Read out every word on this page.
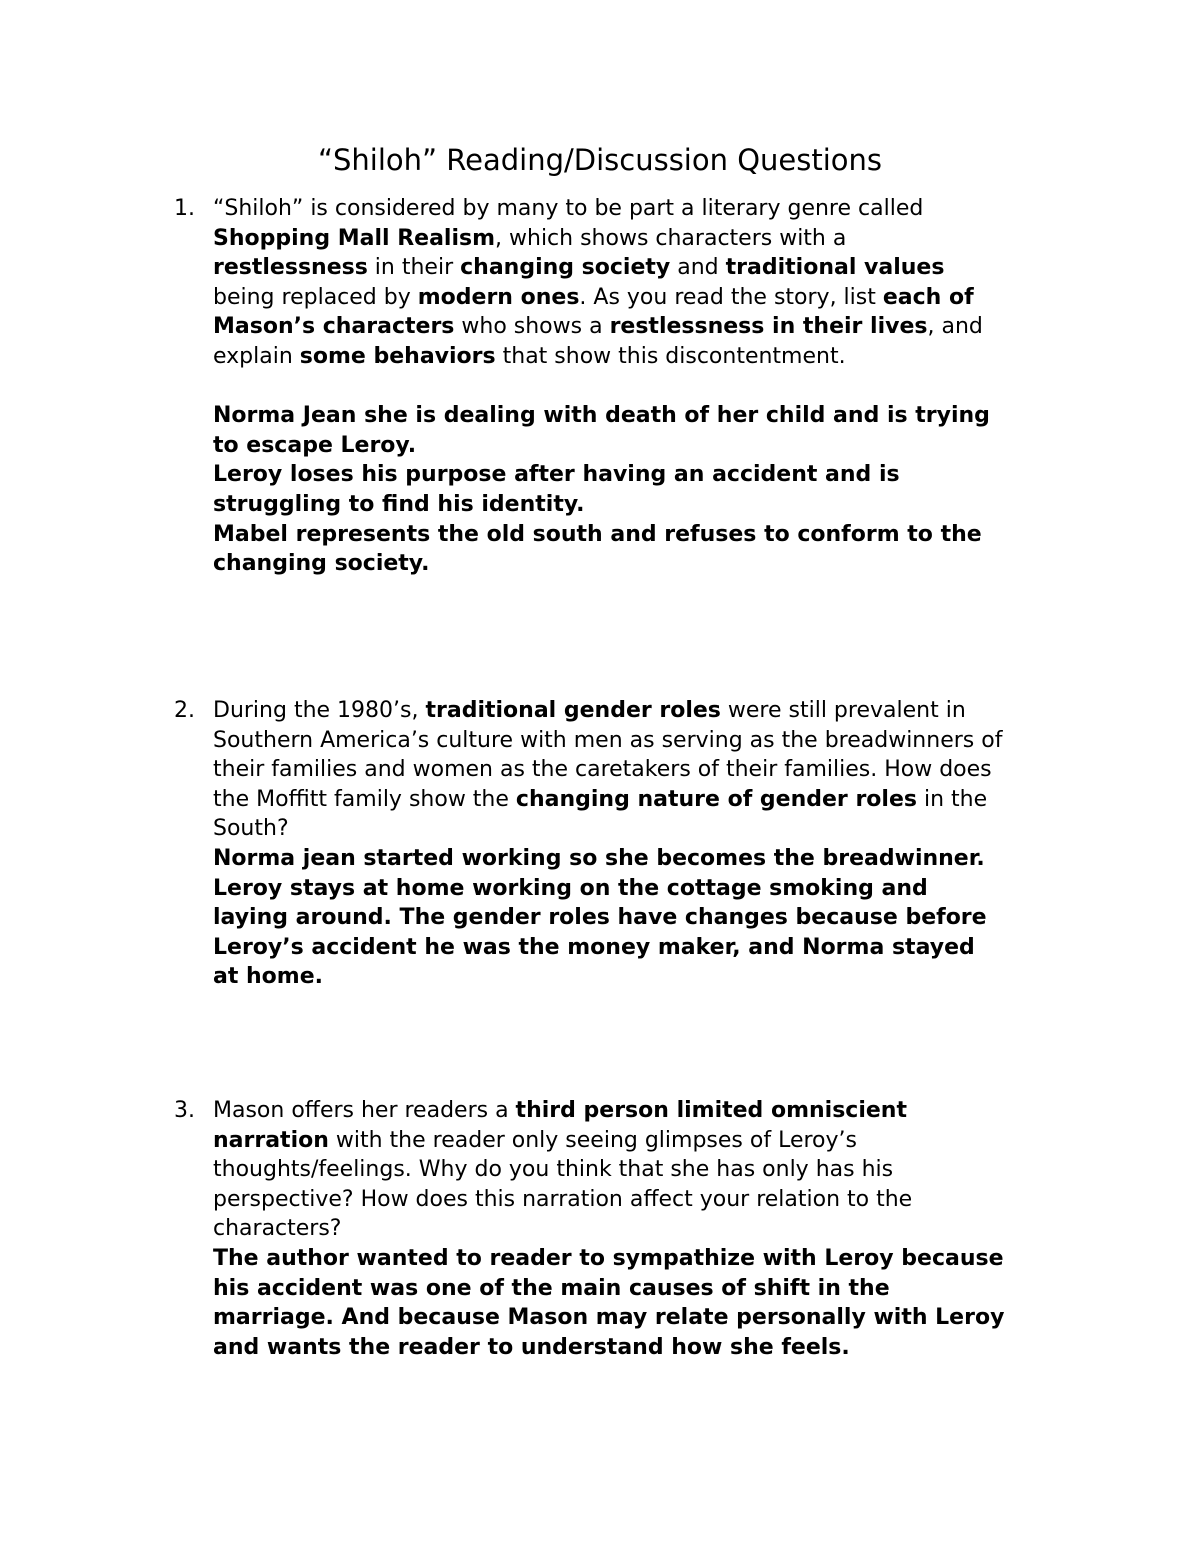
“Shiloh” Reading/Discussion Questions
1. “Shiloh” is considered by many to be part a literary genre called
Shopping Mall Realism, which shows characters with a
restlessness in their changing society and traditional values
being replaced by modern ones. As you read the story, list each of
Mason’s characters who shows a restlessness in their lives, and
explain some behaviors that show this discontentment.
Norma Jean she is dealing with death of her child and is trying
to escape Leroy.
Leroy loses his purpose after having an accident and is
struggling to find his identity.
Mabel represents the old south and refuses to conform to the
changing society.
2. During the 1980’s, traditional gender roles were still prevalent in
Southern America’s culture with men as serving as the breadwinners of
their families and women as the caretakers of their families. How does
the Moffitt family show the changing nature of gender roles in the
South?
Norma jean started working so she becomes the breadwinner.
Leroy stays at home working on the cottage smoking and
laying around. The gender roles have changes because before
Leroy’s accident he was the money maker, and Norma stayed
at home.
3. Mason offers her readers a third person limited omniscient
narration with the reader only seeing glimpses of Leroy’s
thoughts/feelings. Why do you think that she has only has his
perspective? How does this narration affect your relation to the
characters?
The author wanted to reader to sympathize with Leroy because
his accident was one of the main causes of shift in the
marriage. And because Mason may relate personally with Leroy
and wants the reader to understand how she feels.
